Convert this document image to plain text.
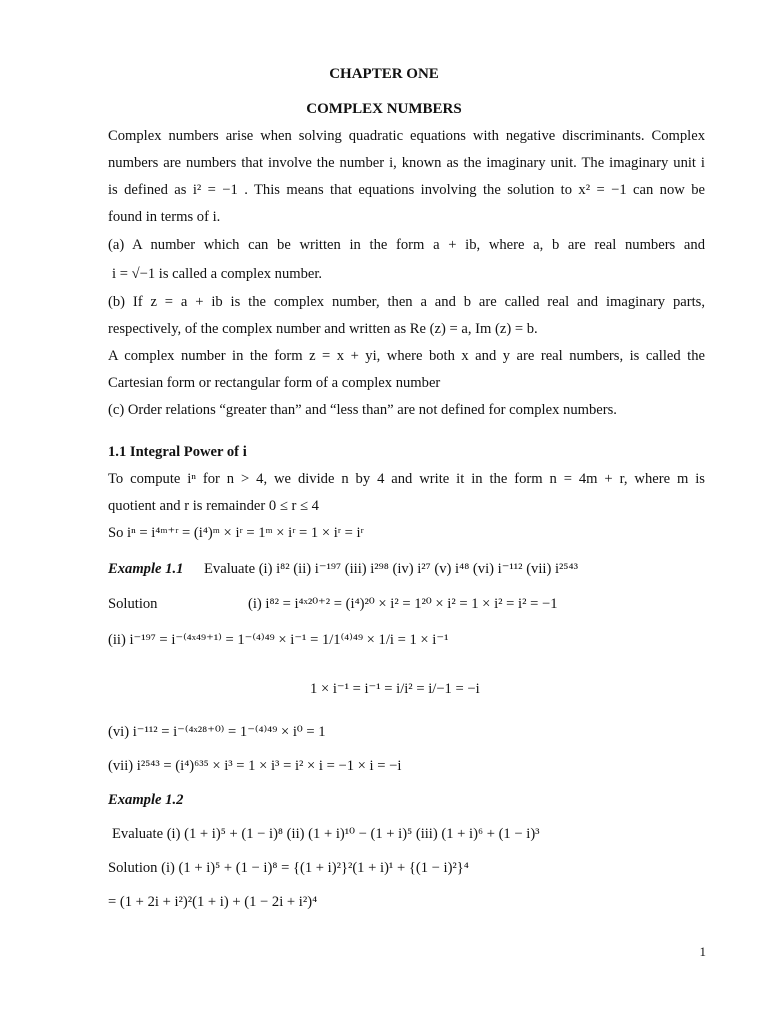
CHAPTER ONE
COMPLEX NUMBERS
Complex numbers arise when solving quadratic equations with negative discriminants. Complex
numbers are numbers that involve the number i, known as the imaginary unit. The imaginary unit i
is defined as i² = −1 . This means that equations involving the solution to x² = −1 can now be
found in terms of i.
(a) A number which can be written in the form a + ib, where a, b are real numbers and
i = √−1 is called a complex number.
(b) If z = a + ib is the complex number, then a and b are called real and imaginary parts,
respectively, of the complex number and written as Re (z) = a, Im (z) = b.
A complex number in the form z = x + yi, where both x and y are real numbers, is called the
Cartesian form or rectangular form of a complex number
(c) Order relations “greater than” and “less than” are not defined for complex numbers.
1.1 Integral Power of i
To compute iⁿ for n > 4, we divide n by 4 and write it in the form n = 4m + r, where m is
quotient and r is remainder 0 ≤ r ≤ 4
So iⁿ = i⁴ᵐ⁺ʳ = (i⁴)ᵐ × iʳ = 1ᵐ × iʳ = 1 × iʳ = iʳ
Example 1.1 Evaluate (i) i⁸² (ii) i⁻¹⁹⁷ (iii) i²⁹⁸ (iv) i²⁷ (v) i⁴⁸ (vi) i⁻¹¹² (vii) i²⁵⁴³
Solution	(i) i⁸² = i⁴ˣ²⁰⁺² = (i⁴)²⁰ × i² = 1²⁰ × i² = 1 × i² = i² = −1
(ii) i⁻¹⁹⁷ = i⁻⁽⁴ˣ⁴⁹⁺¹⁾ = 1⁻⁽⁴⁾⁴⁹ × i⁻¹ = 1/1⁽⁴⁾⁴⁹ × 1/i = 1 × i⁻¹
1 × i⁻¹ = i⁻¹ = i/i² = i/−1 = −i
(vi) i⁻¹¹² = i⁻⁽⁴ˣ²⁸⁺⁰⁾ = 1⁻⁽⁴⁾⁴⁹ × i⁰ = 1
(vii) i²⁵⁴³ = (i⁴)⁶³⁵ × i³ = 1 × i³ = i² × i = −1 × i = −i
Example 1.2
Evaluate (i) (1 + i)⁵ + (1 − i)⁸ (ii) (1 + i)¹⁰ − (1 + i)⁵ (iii) (1 + i)⁶ + (1 − i)³
Solution (i) (1 + i)⁵ + (1 − i)⁸ = {(1 + i)²}²(1 + i)¹ + {(1 − i)²}⁴
= (1 + 2i + i²)²(1 + i) + (1 − 2i + i²)⁴
1
